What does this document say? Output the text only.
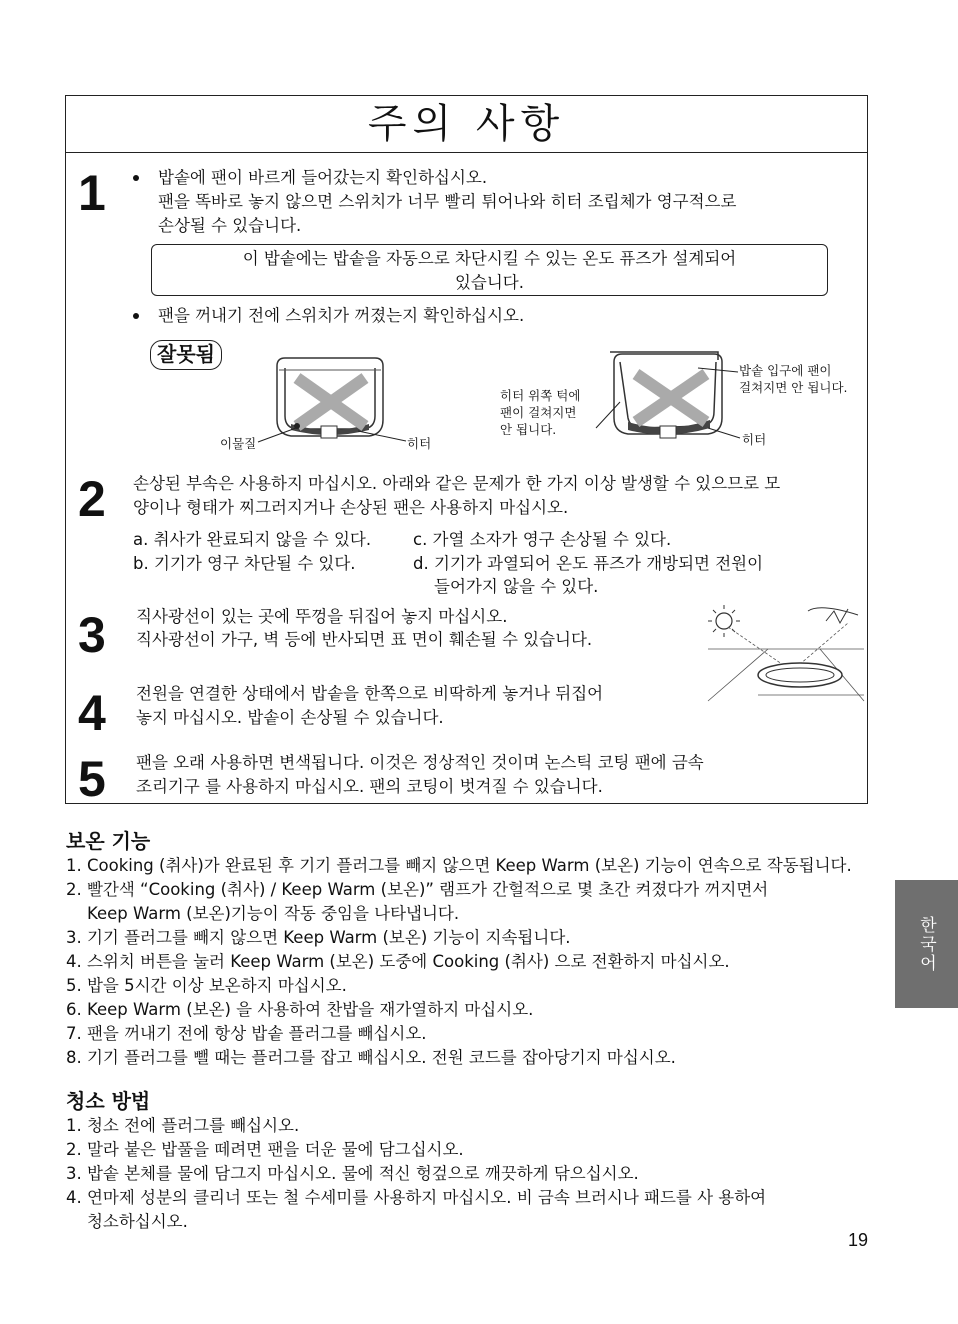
주의 사항
1	밥솥에 팬이 바르게 들어갔는지 확인하십시오.
팬을 똑바로 놓지 않으면 스위치가 너무 빨리 튀어나와 히터 조립체가 영구적으로
손상될 수 있습니다.
이 밥솥에는 밥솥을 자동으로 차단시킬 수 있는 온도 퓨즈가 설계되어
있습니다.
팬을 꺼내기 전에 스위치가 꺼졌는지 확인하십시오.
잘못됨
이물질	히터
히터 위쪽 턱에
팬이 걸쳐지면
안 됩니다.
밥솥 입구에 팬이
걸쳐지면 안 됩니다.
히터
2 손상된 부속은 사용하지 마십시오. 아래와 같은 문제가 한 가지 이상 발생할 수 있으므로 모
양이나 형태가 찌그러지거나 손상된 팬은 사용하지 마십시오.
a. 취사가 완료되지 않을 수 있다.
b. 기기가 영구 차단될 수 있다.
c. 가열 소자가 영구 손상될 수 있다.
d. 기기가 과열되어 온도 퓨즈가 개방되면 전원이
들어가지 않을 수 있다.
3 직사광선이 있는 곳에 뚜껑을 뒤집어 놓지 마십시오.
직사광선이 가구, 벽 등에 반사되면 표 면이 훼손될 수 있습니다.
4 전원을 연결한 상태에서 밥솥을 한쪽으로 비딱하게 놓거나 뒤집어
놓지 마십시오. 밥솥이 손상될 수 있습니다.
5 팬을 오래 사용하면 변색됩니다. 이것은 정상적인 것이며 논스틱 코팅 팬에 금속
조리기구 를 사용하지 마십시오. 팬의 코팅이 벗겨질 수 있습니다.
보온 기능
1. Cooking (취사)가 완료된 후 기기 플러그를 빼지 않으면 Keep Warm (보온) 기능이 연속으로 작동됩니다.
2. 빨간색 “Cooking (취사) / Keep Warm (보온)” 램프가 간헐적으로 몇 초간 켜졌다가 꺼지면서
Keep Warm (보온)기능이 작동 중임을 나타냅니다.
3. 기기 플러그를 빼지 않으면 Keep Warm (보온) 기능이 지속됩니다.
4. 스위치 버튼을 눌러 Keep Warm (보온) 도중에 Cooking (취사) 으로 전환하지 마십시오.
5. 밥을 5시간 이상 보온하지 마십시오.
6. Keep Warm (보온) 을 사용하여 찬밥을 재가열하지 마십시오.
7. 팬을 꺼내기 전에 항상 밥솥 플러그를 빼십시오.
8. 기기 플러그를 뺄 때는 플러그를 잡고 빼십시오. 전원 코드를 잡아당기지 마십시오.
청소 방법
1. 청소 전에 플러그를 빼십시오.
2. 말라 붙은 밥풀을 떼려면 팬을 더운 물에 담그십시오.
3. 밥솥 본체를 물에 담그지 마십시오. 물에 적신 헝겊으로 깨끗하게 닦으십시오.
4. 연마제 성분의 클리너 또는 철 수세미를 사용하지 마십시오. 비 금속 브러시나 패드를 사 용하여
청소하십시오.
한국어
19
